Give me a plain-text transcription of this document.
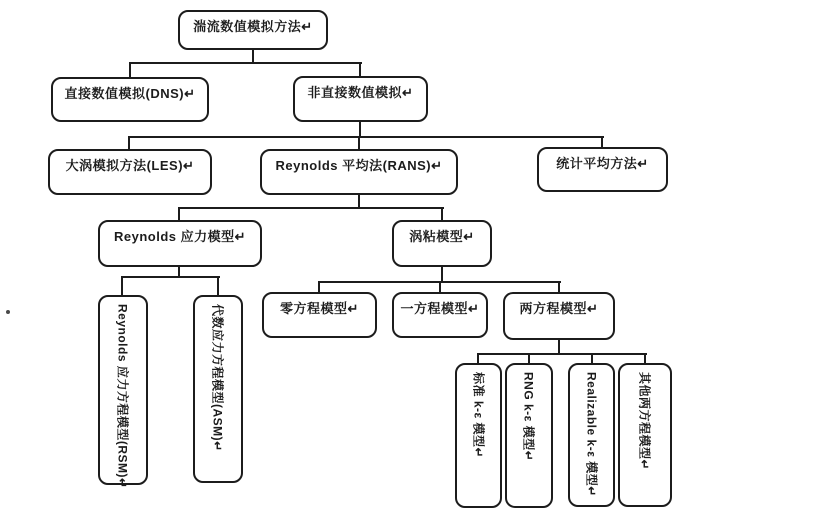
湍流数值模拟方法↵
直接数值模拟(DNS)↵	非直接数值模拟↵
大涡模拟方法(LES)↵	Reynolds 平均法(RANS)↵	统计平均方法↵
Reynolds 应力模型↵	涡粘模型↵
零方程模型↵	一方程模型↵	两方程模型↵
Reynolds 应力方程模型(RSM)↵	代数应力方程模型(ASM)↵	标准 k-ε 模型↵	RNG k-ε 模型↵	Realizable k-ε 模型↵	其他两方程模型↵
